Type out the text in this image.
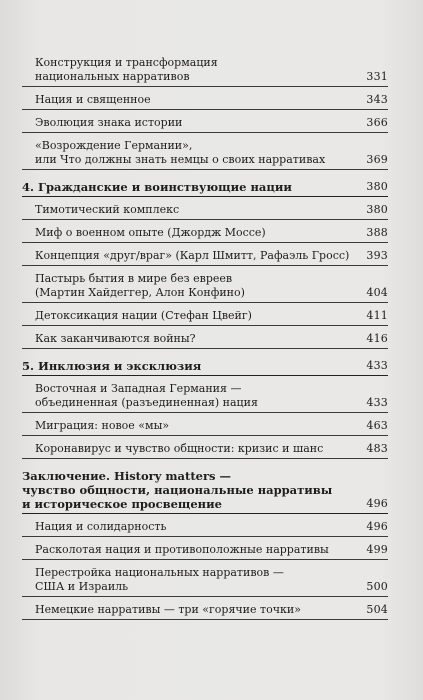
Конструкция и трансформация
национальных нарративов	331
Нация и священное	343
Эволюция знака истории	366
«Возрождение Германии»,
или Что должны знать немцы о своих нарративах	369
4. Гражданские и воинствующие нации	380
Тимотический комплекс	380
Миф о военном опыте (Джордж Моссе)	388
Концепция «друг/враг» (Карл Шмитт, Рафаэль Гросс)	393
Пастырь бытия в мире без евреев
(Мартин Хайдеггер, Алон Конфино)	404
Детоксикация нации (Стефан Цвейг)	411
Как заканчиваются войны?	416
5. Инклюзия и эксклюзия	433
Восточная и Западная Германия —
объединенная (разъединенная) нация	433
Миграция: новое «мы»	463
Коронавирус и чувство общности: кризис и шанс	483
Заключение. History matters —
чувство общности, национальные нарративы
и историческое просвещение	496
Нация и солидарность	496
Расколотая нация и противоположные нарративы	499
Перестройка национальных нарративов —
США и Израиль	500
Немецкие нарративы — три «горячие точки»	504
